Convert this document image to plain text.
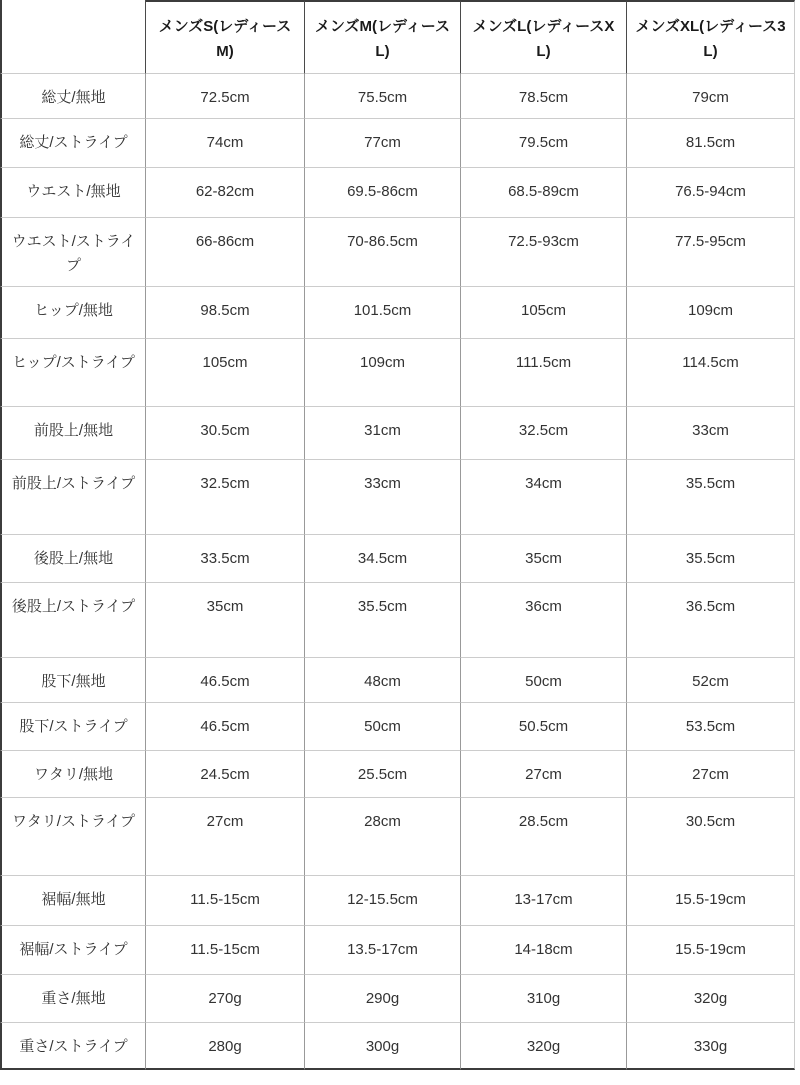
	メンズS(レディースM)	メンズM(レディースL)	メンズL(レディースXL)	メンズXL(レディース3L)
総丈/無地	72.5cm	75.5cm	78.5cm	79cm
総丈/ストライプ	74cm	77cm	79.5cm	81.5cm
ウエスト/無地	62-82cm	69.5-86cm	68.5-89cm	76.5-94cm
ウエスト/ストライプ	66-86cm	70-86.5cm	72.5-93cm	77.5-95cm
ヒップ/無地	98.5cm	101.5cm	105cm	109cm
ヒップ/ストライプ	105cm	109cm	111.5cm	114.5cm
前股上/無地	30.5cm	31cm	32.5cm	33cm
前股上/ストライプ	32.5cm	33cm	34cm	35.5cm
後股上/無地	33.5cm	34.5cm	35cm	35.5cm
後股上/ストライプ	35cm	35.5cm	36cm	36.5cm
股下/無地	46.5cm	48cm	50cm	52cm
股下/ストライプ	46.5cm	50cm	50.5cm	53.5cm
ワタリ/無地	24.5cm	25.5cm	27cm	27cm
ワタリ/ストライプ	27cm	28cm	28.5cm	30.5cm
裾幅/無地	11.5-15cm	12-15.5cm	13-17cm	15.5-19cm
裾幅/ストライプ	11.5-15cm	13.5-17cm	14-18cm	15.5-19cm
重さ/無地	270g	290g	310g	320g
重さ/ストライプ	280g	300g	320g	330g
